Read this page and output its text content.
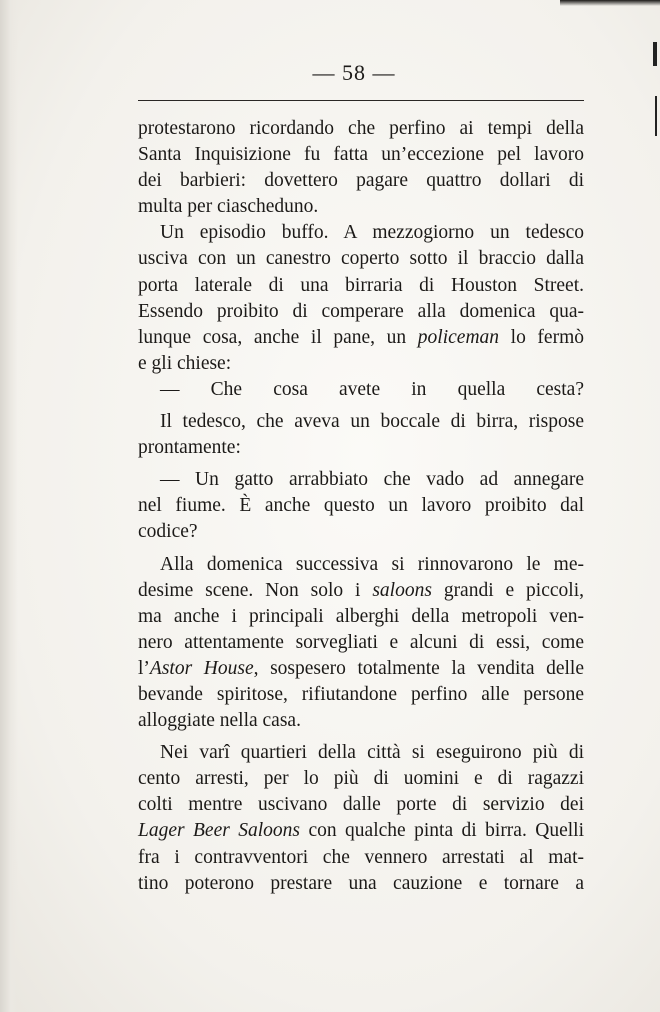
— 58 —
protestarono ricordando che perfino ai tempi della
Santa Inquisizione fu fatta un’eccezione pel lavoro
dei barbieri: dovettero pagare quattro dollari di
multa per ciascheduno.
Un episodio buffo. A mezzogiorno un tedesco
usciva con un canestro coperto sotto il braccio dalla
porta laterale di una birraria di Houston Street.
Essendo proibito di comperare alla domenica qua-
lunque cosa, anche il pane, un policeman lo fermò
e gli chiese:
— Che cosa avete in quella cesta?
Il tedesco, che aveva un boccale di birra, rispose
prontamente:
— Un gatto arrabbiato che vado ad annegare
nel fiume. È anche questo un lavoro proibito dal
codice?
Alla domenica successiva si rinnovarono le me-
desime scene. Non solo i saloons grandi e piccoli,
ma anche i principali alberghi della metropoli ven-
nero attentamente sorvegliati e alcuni di essi, come
l’Astor House, sospesero totalmente la vendita delle
bevande spiritose, rifiutandone perfino alle persone
alloggiate nella casa.
Nei varî quartieri della città si eseguirono più di
cento arresti, per lo più di uomini e di ragazzi
colti mentre uscivano dalle porte di servizio dei
Lager Beer Saloons con qualche pinta di birra. Quelli
fra i contravventori che vennero arrestati al mat-
tino poterono prestare una cauzione e tornare a
